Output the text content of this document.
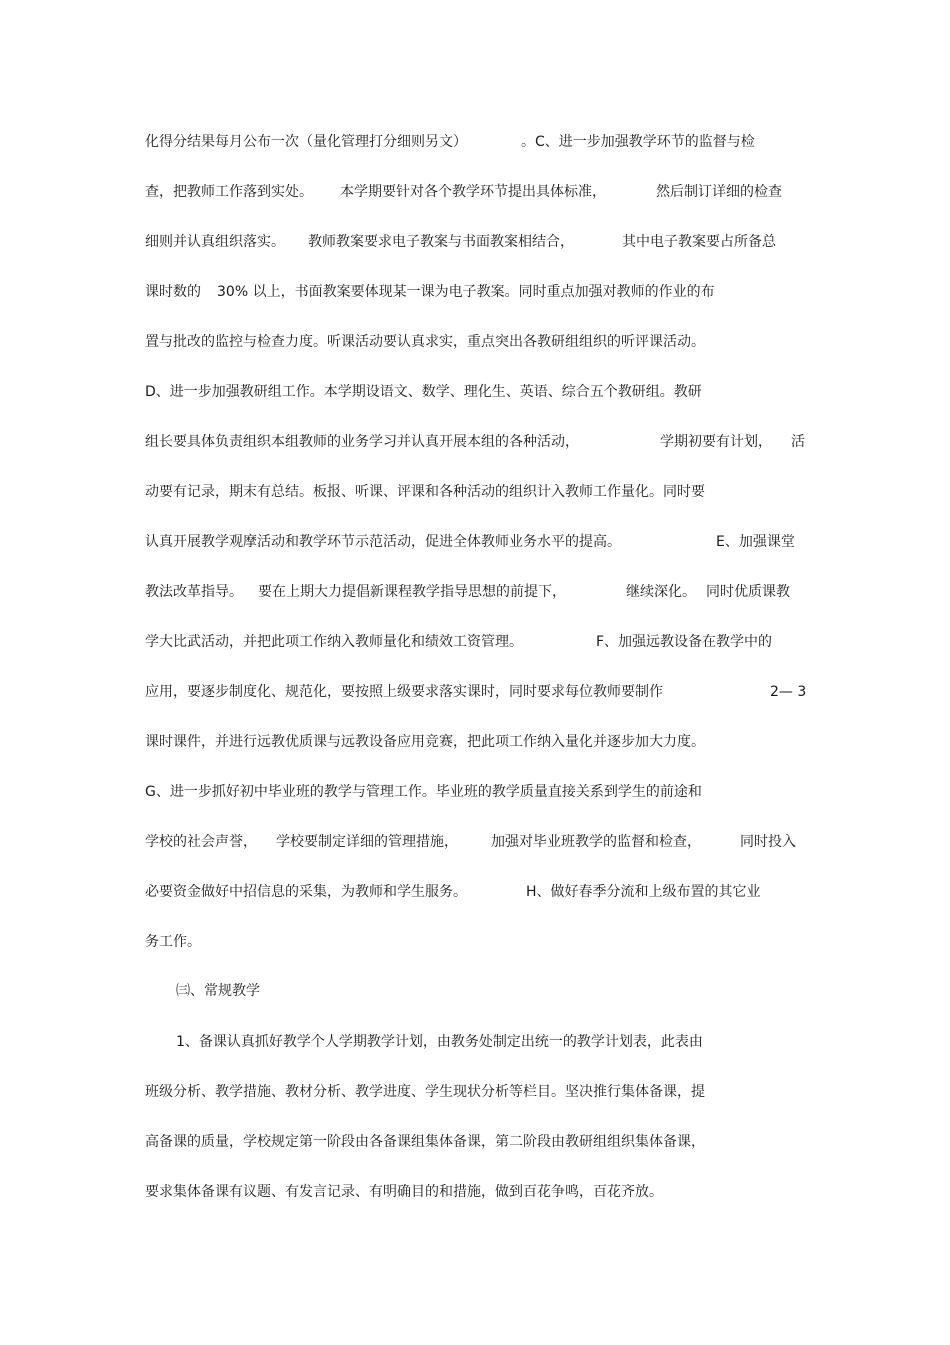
化得分结果每月公布一次（量化管理打分细则另文）	。C、进一步加强教学环节的监督与检
查，把教师工作落到实处。 本学期要针对各个教学环节提出具体标准，	然后制订详细的检查
细则并认真组织落实。 教师教案要求电子教案与书面教案相结合，	其中电子教案要占所备总
课时数的 30% 以上，书面教案要体现某一课为电子教案。同时重点加强对教师的作业的布
置与批改的监控与检查力度。听课活动要认真求实，重点突出各教研组组织的听评课活动。
D、进一步加强教研组工作。本学期设语文、数学、理化生、英语、综合五个教研组。教研
组长要具体负责组织本组教师的业务学习并认真开展本组的各种活动，	学期初要有计划， 活
动要有记录，期末有总结。板报、听课、评课和各种活动的组织计入教师工作量化。同时要
认真开展教学观摩活动和教学环节示范活动，促进全体教师业务水平的提高。	E、加强课堂
教法改革指导。 要在上期大力提倡新课程教学指导思想的前提下，	继续深化。 同时优质课教
学大比武活动，并把此项工作纳入教师量化和绩效工资管理。	F、加强远教设备在教学中的
应用，要逐步制度化、规范化，要按照上级要求落实课时，同时要求每位教师要制作	2— 3
课时课件，并进行远教优质课与远教设备应用竞赛，把此项工作纳入量化并逐步加大力度。
G、进一步抓好初中毕业班的教学与管理工作。毕业班的教学质量直接关系到学生的前途和
学校的社会声誉， 学校要制定详细的管理措施， 加强对毕业班教学的监督和检查，	同时投入
必要资金做好中招信息的采集，为教师和学生服务。	H、做好春季分流和上级布置的其它业
务工作。
㈢、常规教学
1、备课认真抓好教学个人学期教学计划，由教务处制定出统一的教学计划表，此表由
班级分析、教学措施、教材分析、教学进度、学生现状分析等栏目。坚决推行集体备课，提
高备课的质量，学校规定第一阶段由各备课组集体备课，第二阶段由教研组组织集体备课，
要求集体备课有议题、有发言记录、有明确目的和措施，做到百花争鸣，百花齐放。
